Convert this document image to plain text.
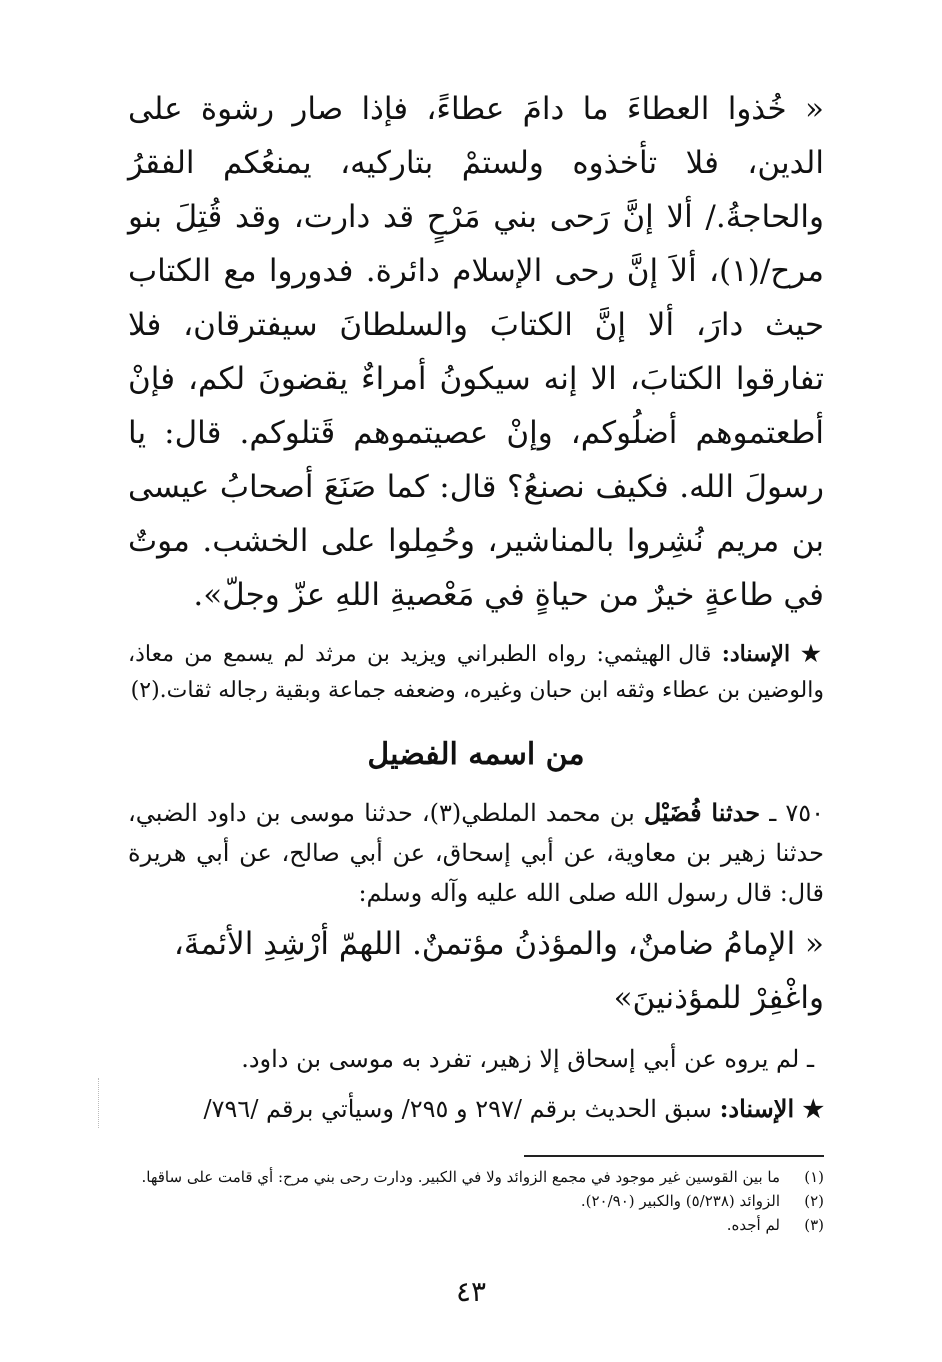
« خُذوا العطاءَ ما دامَ عطاءً، فإذا صار رشوة على الدين، فلا تأخذوه ولستمْ بتاركيه، يمنعُكم الفقرُ والحاجةُ./ ألا إنَّ رَحى بني مَرْحٍ قد دارت، وقد قُتِلَ بنو مرح/(١)، ألاَ إنَّ رحى الإسلام دائرة. فدوروا مع الكتاب حيث دارَ، ألا إنَّ الكتابَ والسلطانَ سيفترقان، فلا تفارقوا الكتابَ، الا إنه سيكونُ أمراءٌ يقضونَ لكم، فإنْ أطعتموهم أضلُوكم، وإنْ عصيتموهم قَتلوكم. قال: يا رسولَ الله. فكيف نصنعُ؟ قال: كما صَنَعَ أصحابُ عيسى بن مريم نُشِروا بالمناشير، وحُمِلوا على الخشب. موتٌ في طاعةٍ خيرٌ من حياةٍ في مَعْصيةِ اللهِ عزّ وجلّ».

★ الإسناد: قال الهيثمي: رواه الطبراني ويزيد بن مرثد لم يسمع من معاذ، والوضين بن عطاء وثقه ابن حبان وغيره، وضعفه جماعة وبقية رجاله ثقات.(٢)

من اسمه الفضيل

٧٥٠ ـ حدثنا فُضَيْل بن محمد الملطي(٣)، حدثنا موسى بن داود الضبي، حدثنا زهير بن معاوية، عن أبي إسحاق، عن أبي صالح، عن أبي هريرة قال: قال رسول الله صلى الله عليه وآله وسلم:

« الإمامُ ضامنٌ، والمؤذنُ مؤتمنٌ. اللهمّ أرْشِدِ الأئمةَ، واغْفِرْ للمؤذنينَ»

ـ لم يروه عن أبي إسحاق إلا زهير، تفرد به موسى بن داود.

★ الإسناد: سبق الحديث برقم /٢٩٧ و ٢٩٥/ وسيأتي برقم /٧٩٦/

(١)
ما بين القوسين غير موجود في مجمع الزوائد ولا في الكبير. ودارت رحى بني مرح: أي قامت على ساقها.
(٢)
الزوائد (٥/٢٣٨) والكبير (٢٠/٩٠).
(٣)
لم أجده.
٤٣
